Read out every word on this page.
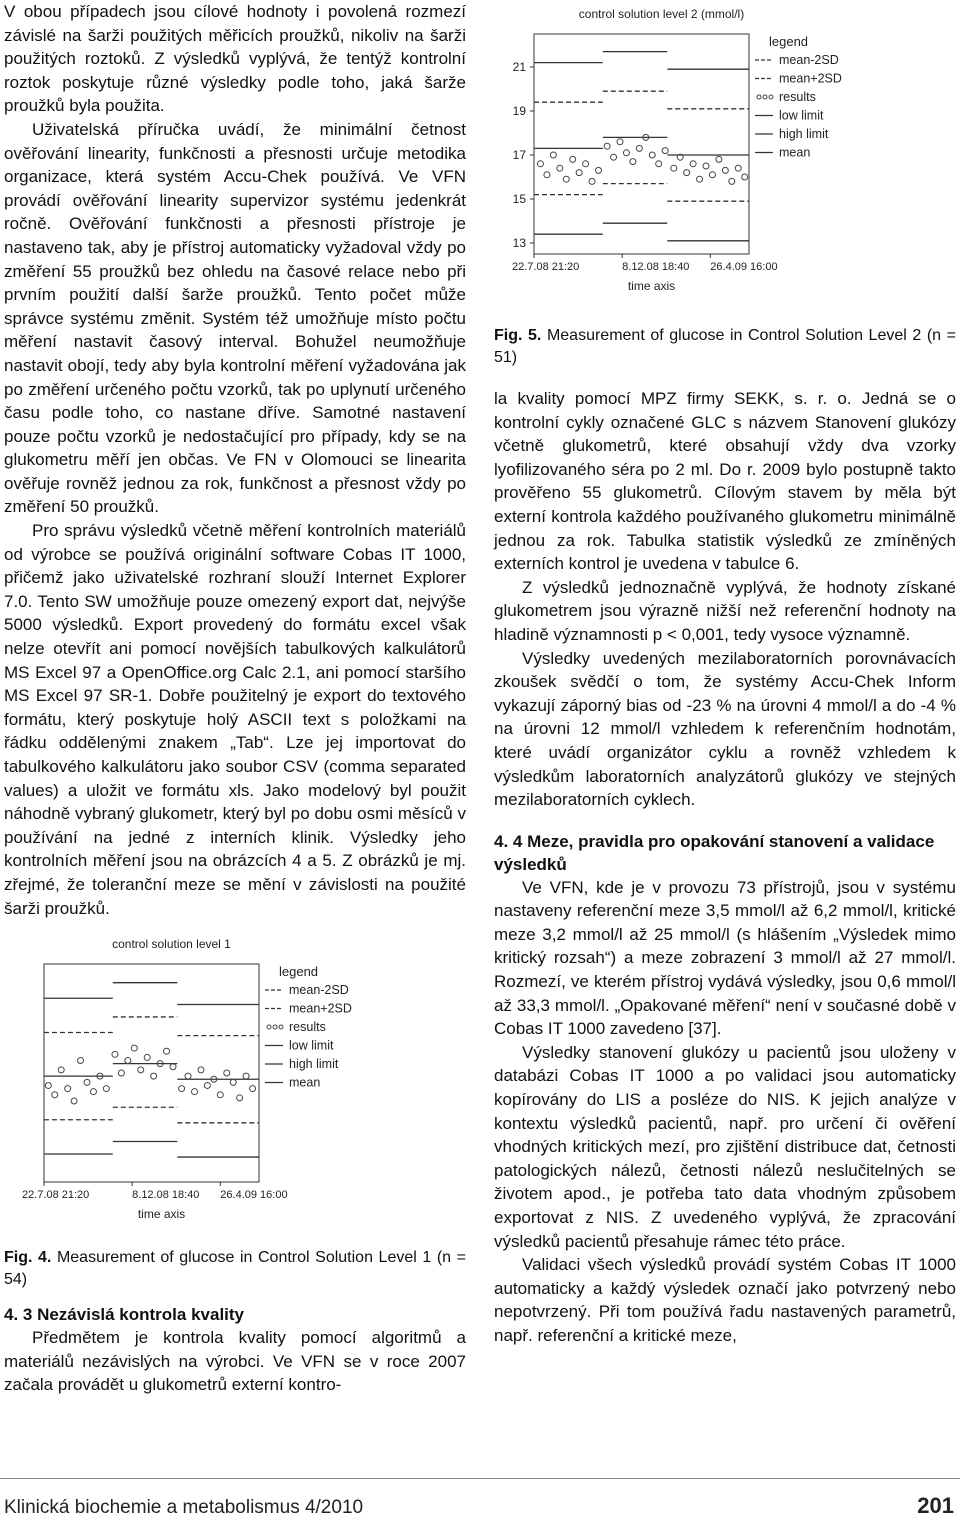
V obou případech jsou cílové hodnoty i povolená rozmezí závislé na šarži použitých měřicích proužků, nikoliv na šarži použitých roztoků. Z výsledků vyplývá, že tentýž kontrolní roztok poskytuje různé výsledky podle toho, jaká šarže proužků byla použita.

Uživatelská příručka uvádí, že minimální četnost ověřování linearity, funkčnosti a přesnosti určuje metodika organizace, která systém Accu-Chek používá. Ve VFN provádí ověřování linearity supervizor systému jedenkrát ročně. Ověřování funkčnosti a přesnosti přístroje je nastaveno tak, aby je přístroj automaticky vyžadoval vždy po změření 55 proužků bez ohledu na časové relace nebo při prvním použití další šarže proužků. Tento počet může správce systému změnit. Systém též umožňuje místo počtu měření nastavit časový interval. Bohužel neumožňuje nastavit obojí, tedy aby byla kontrolní měření vyžadována jak po změření určeného počtu vzorků, tak po uplynutí určeného času podle toho, co nastane dříve. Samotné nastavení pouze počtu vzorků je nedostačující pro případy, kdy se na glukometru měří jen občas. Ve FN v Olomouci se linearita ověřuje rovněž jednou za rok, funkčnost a přesnost vždy po změření 50 proužků.

Pro správu výsledků včetně měření kontrolních materiálů od výrobce se používá originální software Cobas IT 1000, přičemž jako uživatelské rozhraní slouží Internet Explorer 7.0. Tento SW umožňuje pouze omezený export dat, nejvýše 5000 výsledků. Export provedený do formátu excel však nelze otevřít ani pomocí novějších tabulkových kalkulátorů MS Excel 97 a OpenOffice.org Calc 2.1, ani pomocí staršího MS Excel 97 SR-1. Dobře použitelný je export do textového formátu, který poskytuje holý ASCII text s položkami na řádku oddělenými znakem „Tab“. Lze jej importovat do tabulkového kalkulátoru jako soubor CSV (comma separated values) a uložit ve formátu xls. Jako modelový byl použit náhodně vybraný glukometr, který byl po dobu osmi měsíců v používání na jedné z interních klinik. Výsledky jeho kontrolních měření jsou na obrázcích 4 a 5. Z obrázků je mj. zřejmé, že toleranční meze se mění v závislosti na použité šarži proužků.

control solution level 1
22.7.08 21:20	8.12.08 18:40 26.4.09 16:00
time axis
legend
mean-2SD
mean+2SD
results
low limit
high limit
mean

Fig. 4. Measurement of glucose in Control Solution Level 1 (n = 54)

4. 3 Nezávislá kontrola kvality

Předmětem je kontrola kvality pomocí algoritmů a materiálů nezávislých na výrobci. Ve VFN se v roce 2007 začala provádět u glukometrů externí kontro-

control solution level 2 (mmol/l)
21
19
17
15
13
22.7.08 21:20	8.12.08 18:40 26.4.09 16:00
time axis
legend
mean-2SD
mean+2SD
results
low limit
high limit
mean

Fig. 5. Measurement of glucose in Control Solution Level 2 (n = 51)

la kvality pomocí MPZ firmy SEKK, s. r. o. Jedná se o kontrolní cykly označené GLC s názvem Stanovení glukózy včetně glukometrů, které obsahují vždy dva vzorky lyofilizovaného séra po 2 ml. Do r. 2009 bylo postupně takto prověřeno 55 glukometrů. Cílovým stavem by měla být externí kontrola každého používaného glukometru minimálně jednou za rok. Tabulka statistik výsledků ze zmíněných externích kontrol je uvedena v tabulce 6.

Z výsledků jednoznačně vyplývá, že hodnoty získané glukometrem jsou výrazně nižší než referenční hodnoty na hladině významnosti p < 0,001, tedy vysoce významně.

Výsledky uvedených mezilaboratorních porovnávacích zkoušek svědčí o tom, že systémy Accu-Chek Inform vykazují záporný bias od -23 % na úrovni 4 mmol/l a do -4 % na úrovni 12 mmol/l vzhledem k referenčním hodnotám, které uvádí organizátor cyklu a rovněž vzhledem k výsledkům laboratorních analyzátorů glukózy ve stejných mezilaboratorních cyklech.

4. 4 Meze, pravidla pro opakování stanovení a validace výsledků

Ve VFN, kde je v provozu 73 přístrojů, jsou v systému nastaveny referenční meze 3,5 mmol/l až 6,2 mmol/l, kritické meze 3,2 mmol/l až 25 mmol/l (s hlášením „Výsledek mimo kritický rozsah“) a meze zobrazení 3 mmol/l až 27 mmol/l. Rozmezí, ve kterém přístroj vydává výsledky, jsou 0,6 mmol/l až 33,3 mmol/l. „Opakované měření“ není v současné době v Cobas IT 1000 zavedeno [37].

Výsledky stanovení glukózy u pacientů jsou uloženy v databázi Cobas IT 1000 a po validaci jsou automaticky kopírovány do LIS a posléze do NIS. K jejich analýze v kontextu výsledků pacientů, např. pro určení či ověření vhodných kritických mezí, pro zjištění distribuce dat, četnosti patologických nálezů, četnosti nálezů neslučitelných se životem apod., je potřeba tato data vhodným způsobem exportovat z NIS. Z uvedeného vyplývá, že zpracování výsledků pacientů přesahuje rámec této práce.

Validaci všech výsledků provádí systém Cobas IT 1000 automaticky a každý výsledek označí jako potvrzený nebo nepotvrzený. Při tom používá řadu nastavených parametrů, např. referenční a kritické meze,

Klinická biochemie a metabolismus 4/2010	201
